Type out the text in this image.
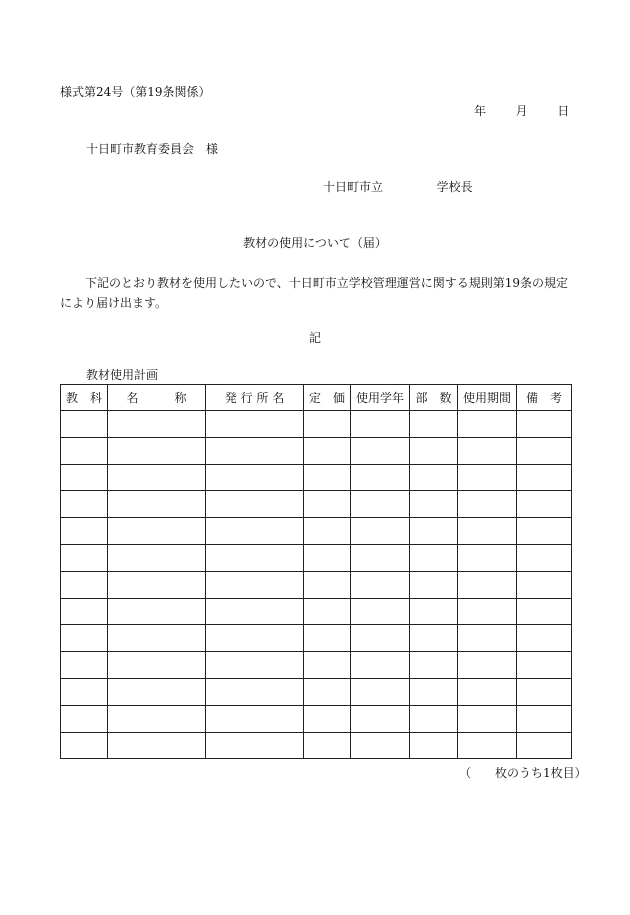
様式第24号（第19条関係）
年 月 日
十日町市教育委員会　様
十日町市立	学校長
教材の使用について（届）
下記のとおり教材を使用したいので、十日町市立学校管理運営に関する規則第19条の規定により届け出ます。
記
教材使用計画
教　科	名　　　称	発 行 所 名	定　価	使用学年	部　数	使用期間	備　考

（　　枚のうち1枚目）
